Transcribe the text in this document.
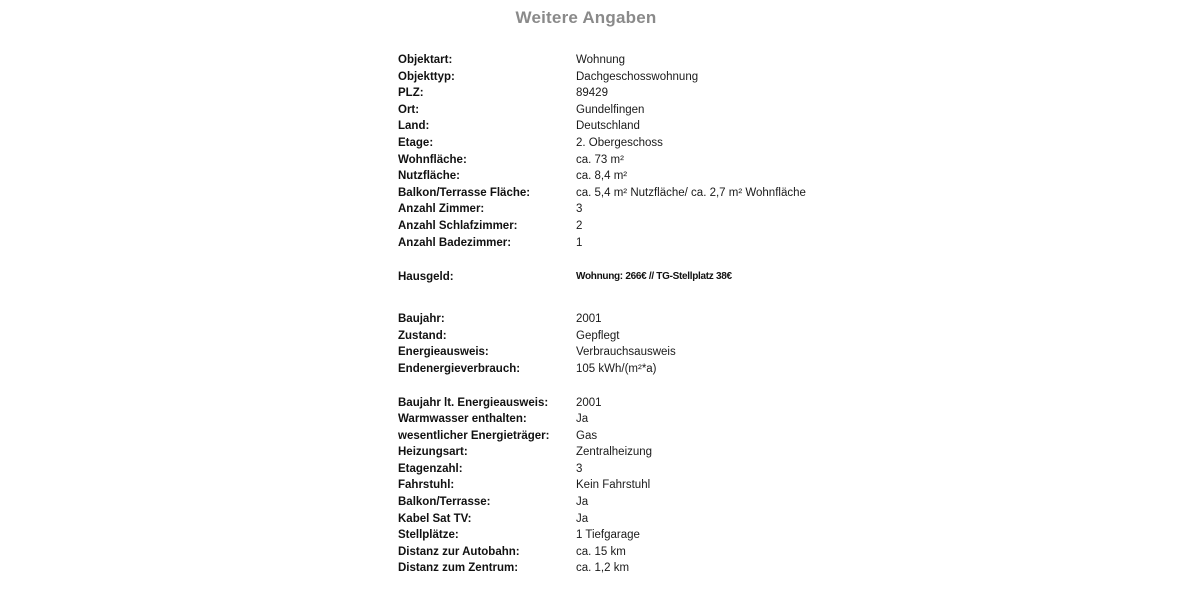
Weitere Angaben
Objektart:	Wohnung
Objekttyp:	Dachgeschosswohnung
PLZ:	89429
Ort:	Gundelfingen
Land:	Deutschland
Etage:	2. Obergeschoss
Wohnfläche:	ca. 73 m²
Nutzfläche:	ca. 8,4 m²
Balkon/Terrasse Fläche:	ca. 5,4 m² Nutzfläche/ ca. 2,7 m² Wohnfläche
Anzahl Zimmer:	3
Anzahl Schlafzimmer:	2
Anzahl Badezimmer:	1
Hausgeld:	Wohnung: 266€ // TG-Stellplatz 38€
Baujahr:	2001
Zustand:	Gepflegt
Energieausweis:	Verbrauchsausweis
Endenergieverbrauch:	105 kWh/(m²*a)
Baujahr lt. Energieausweis:	2001
Warmwasser enthalten:	Ja
wesentlicher Energieträger:	Gas
Heizungsart:	Zentralheizung
Etagenzahl:	3
Fahrstuhl:	Kein Fahrstuhl
Balkon/Terrasse:	Ja
Kabel Sat TV:	Ja
Stellplätze:	1 Tiefgarage
Distanz zur Autobahn:	ca. 15 km
Distanz zum Zentrum:	ca. 1,2 km
